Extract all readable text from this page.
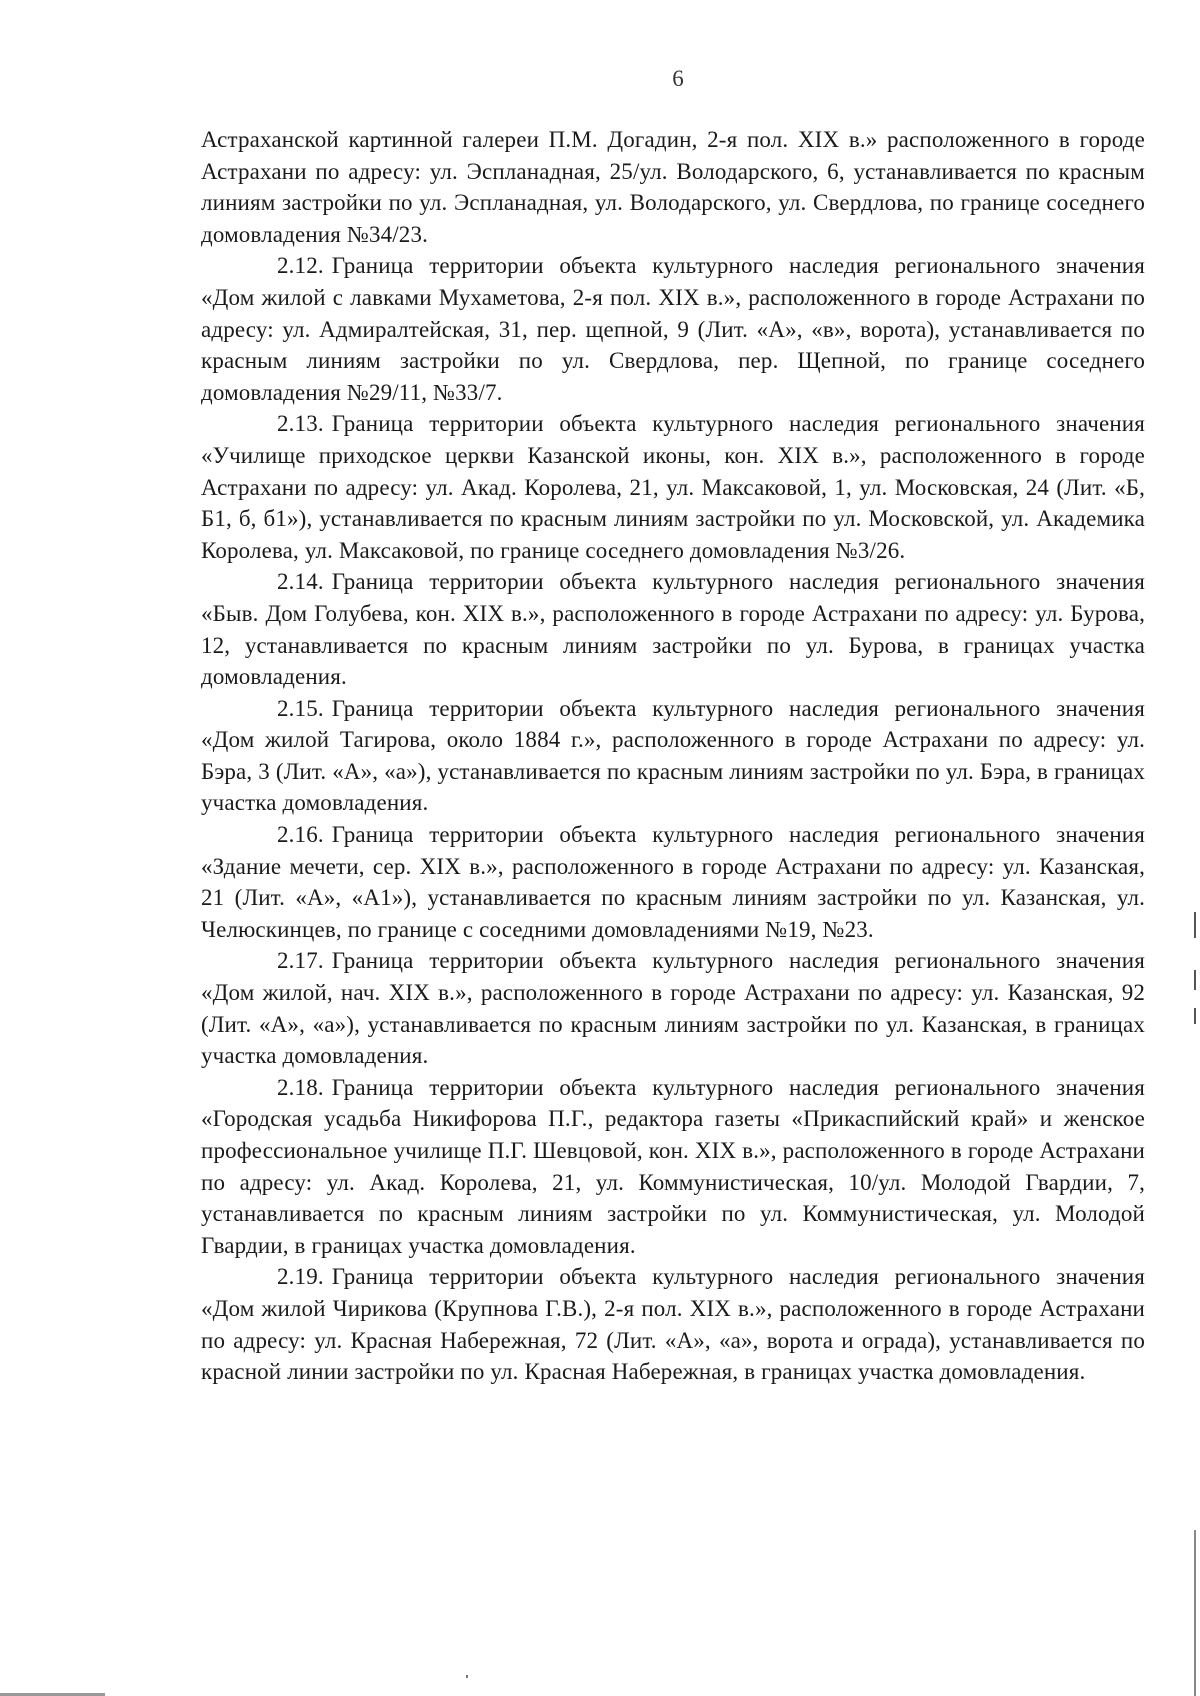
6

Астраханской картинной галереи П.М. Догадин, 2-я пол. XIX в.» расположенного в городе Астрахани по адресу: ул. Эспланадная, 25/ул. Володарского, 6, устанавливается по красным линиям застройки по ул. Эспланадная, ул. Володарского, ул. Свердлова, по границе соседнего домовладения №34/23.

2.12. Граница территории объекта культурного наследия регионального значения «Дом жилой с лавками Мухаметова, 2-я пол. XIX в.», расположенного в городе Астрахани по адресу: ул. Адмиралтейская, 31, пер. щепной, 9 (Лит. «А», «в», ворота), устанавливается по красным линиям застройки по ул. Свердлова, пер. Щепной, по границе соседнего домовладения №29/11, №33/7.

2.13. Граница территории объекта культурного наследия регионального значения «Училище приходское церкви Казанской иконы, кон. XIX в.», расположенного в городе Астрахани по адресу: ул. Акад. Королева, 21, ул. Максаковой, 1, ул. Московская, 24 (Лит. «Б, Б1, б, б1»), устанавливается по красным линиям застройки по ул. Московской, ул. Академика Королева, ул. Максаковой, по границе соседнего домовладения №3/26.

2.14. Граница территории объекта культурного наследия регионального значения «Быв. Дом Голубева, кон. XIX в.», расположенного в городе Астрахани по адресу: ул. Бурова, 12, устанавливается по красным линиям застройки по ул. Бурова, в границах участка домовладения.

2.15. Граница территории объекта культурного наследия регионального значения «Дом жилой Тагирова, около 1884 г.», расположенного в городе Астрахани по адресу: ул. Бэра, 3 (Лит. «А», «а»), устанавливается по красным линиям застройки по ул. Бэра, в границах участка домовладения.

2.16. Граница территории объекта культурного наследия регионального значения «Здание мечети, сер. XIX в.», расположенного в городе Астрахани по адресу: ул. Казанская, 21 (Лит. «А», «А1»), устанавливается по красным линиям застройки по ул. Казанская, ул. Челюскинцев, по границе с соседними домовладениями №19, №23.

2.17. Граница территории объекта культурного наследия регионального значения «Дом жилой, нач. XIX в.», расположенного в городе Астрахани по адресу: ул. Казанская, 92 (Лит. «А», «а»), устанавливается по красным линиям застройки по ул. Казанская, в границах участка домовладения.

2.18. Граница территории объекта культурного наследия регионального значения «Городская усадьба Никифорова П.Г., редактора газеты «Прикаспийский край» и женское профессиональное училище П.Г. Шевцовой, кон. XIX в.», расположенного в городе Астрахани по адресу: ул. Акад. Королева, 21, ул. Коммунистическая, 10/ул. Молодой Гвардии, 7, устанавливается по красным линиям застройки по ул. Коммунистическая, ул. Молодой Гвардии, в границах участка домовладения.

2.19. Граница территории объекта культурного наследия регионального значения «Дом жилой Чирикова (Крупнова Г.В.), 2-я пол. XIX в.», расположенного в городе Астрахани по адресу: ул. Красная Набережная, 72 (Лит. «А», «а», ворота и ограда), устанавливается по красной линии застройки по ул. Красная Набережная, в границах участка домовладения.
